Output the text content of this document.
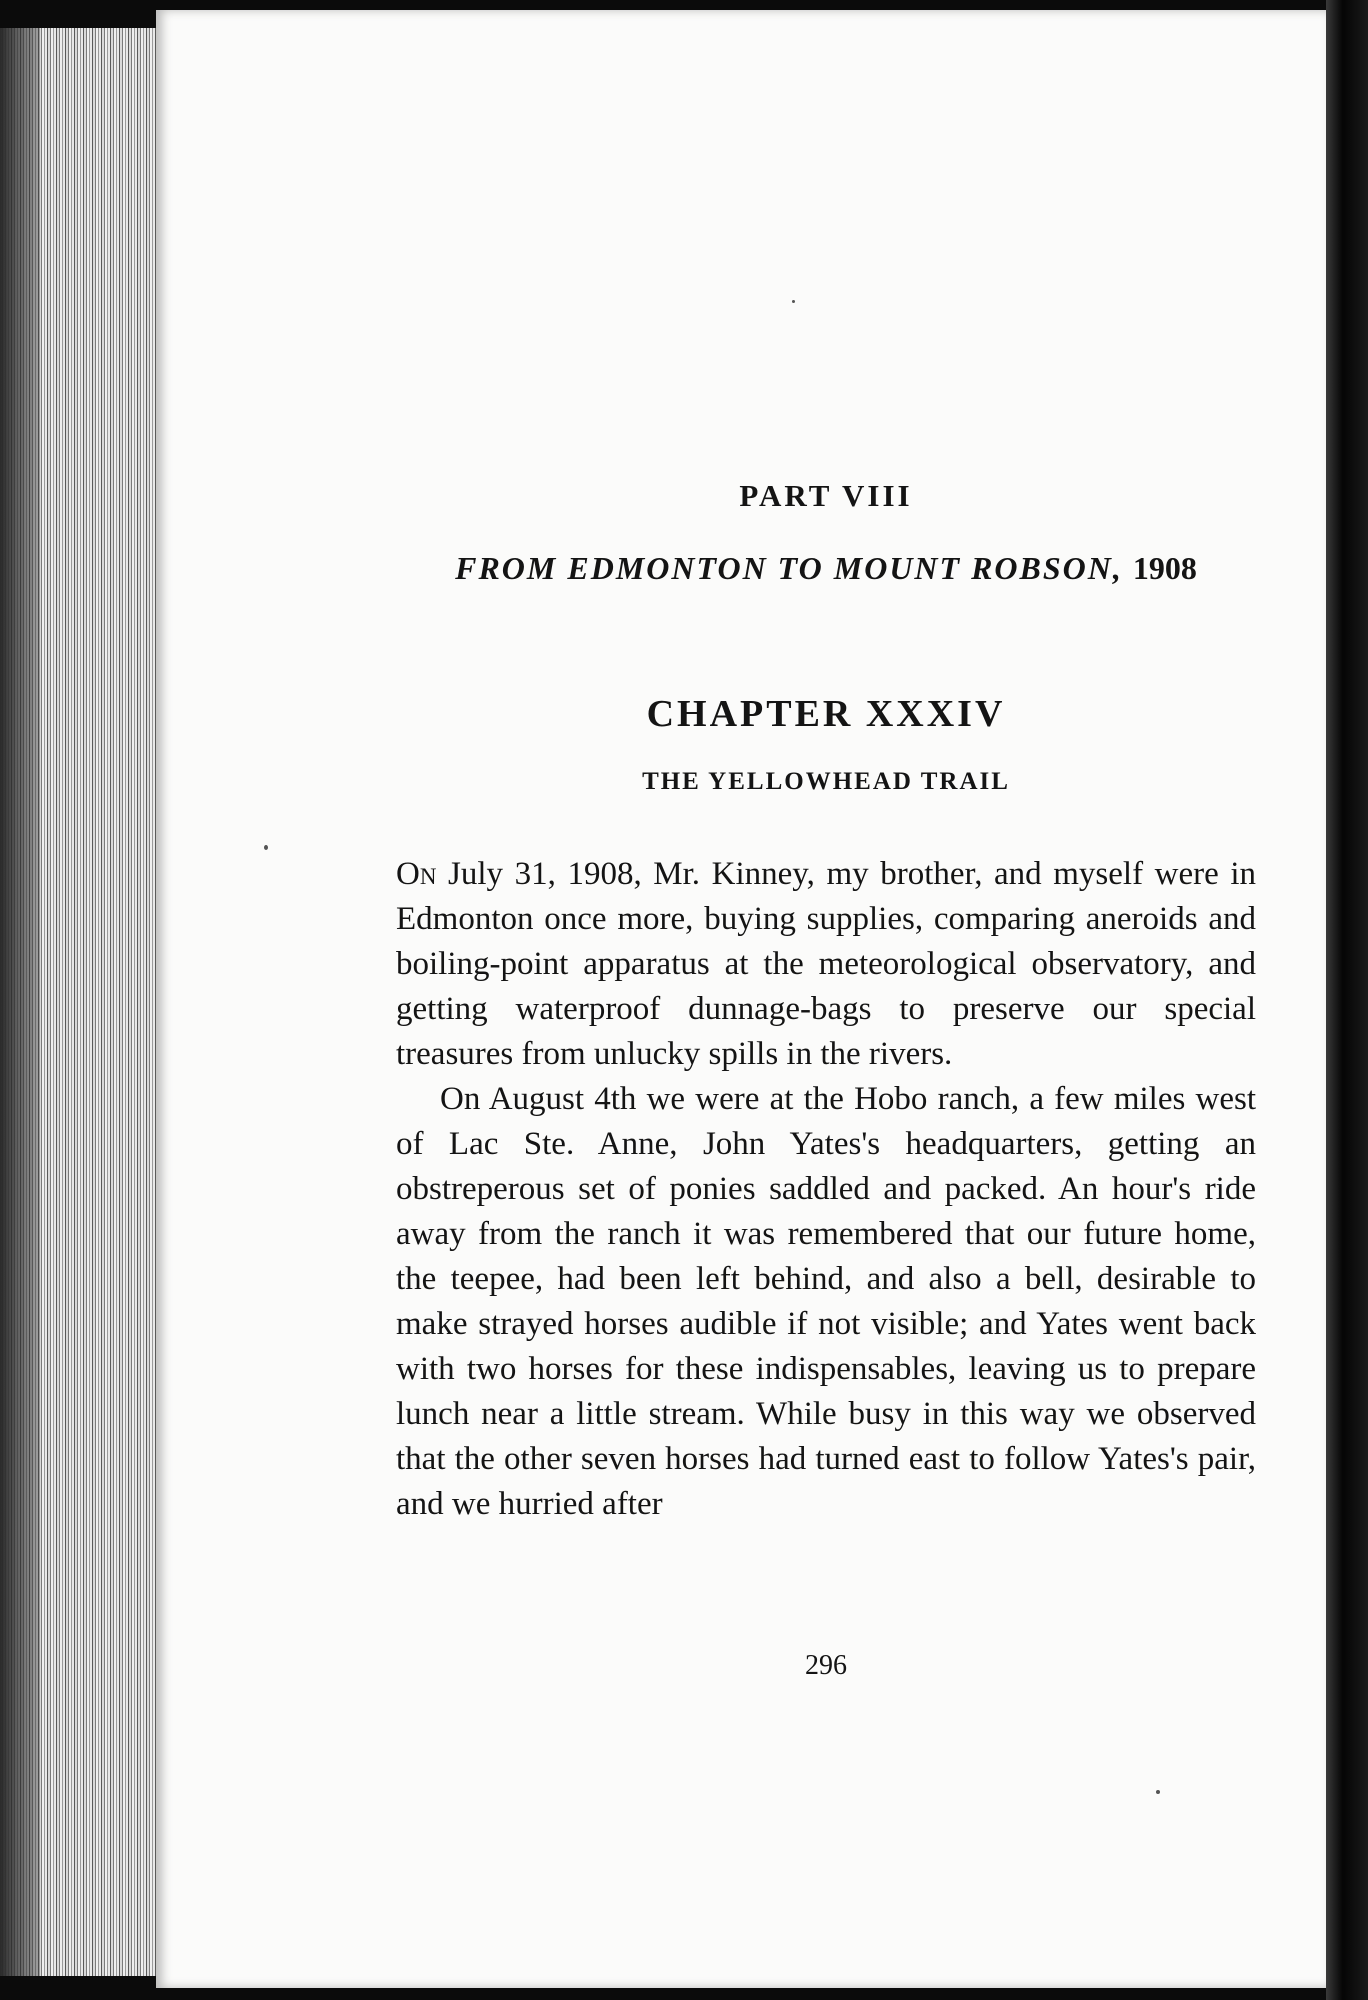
PART VIII
FROM EDMONTON TO MOUNT ROBSON, 1908
CHAPTER XXXIV
THE YELLOWHEAD TRAIL

On July 31, 1908, Mr. Kinney, my brother, and myself were in Edmonton once more, buying supplies, comparing aneroids and boiling-point apparatus at the meteorological observatory, and getting waterproof dunnage-bags to preserve our special treasures from unlucky spills in the rivers.

On August 4th we were at the Hobo ranch, a few miles west of Lac Ste. Anne, John Yates's headquarters, getting an obstreperous set of ponies saddled and packed. An hour's ride away from the ranch it was remembered that our future home, the teepee, had been left behind, and also a bell, desirable to make strayed horses audible if not visible; and Yates went back with two horses for these indispensables, leaving us to prepare lunch near a little stream. While busy in this way we observed that the other seven horses had turned east to follow Yates's pair, and we hurried after

296
